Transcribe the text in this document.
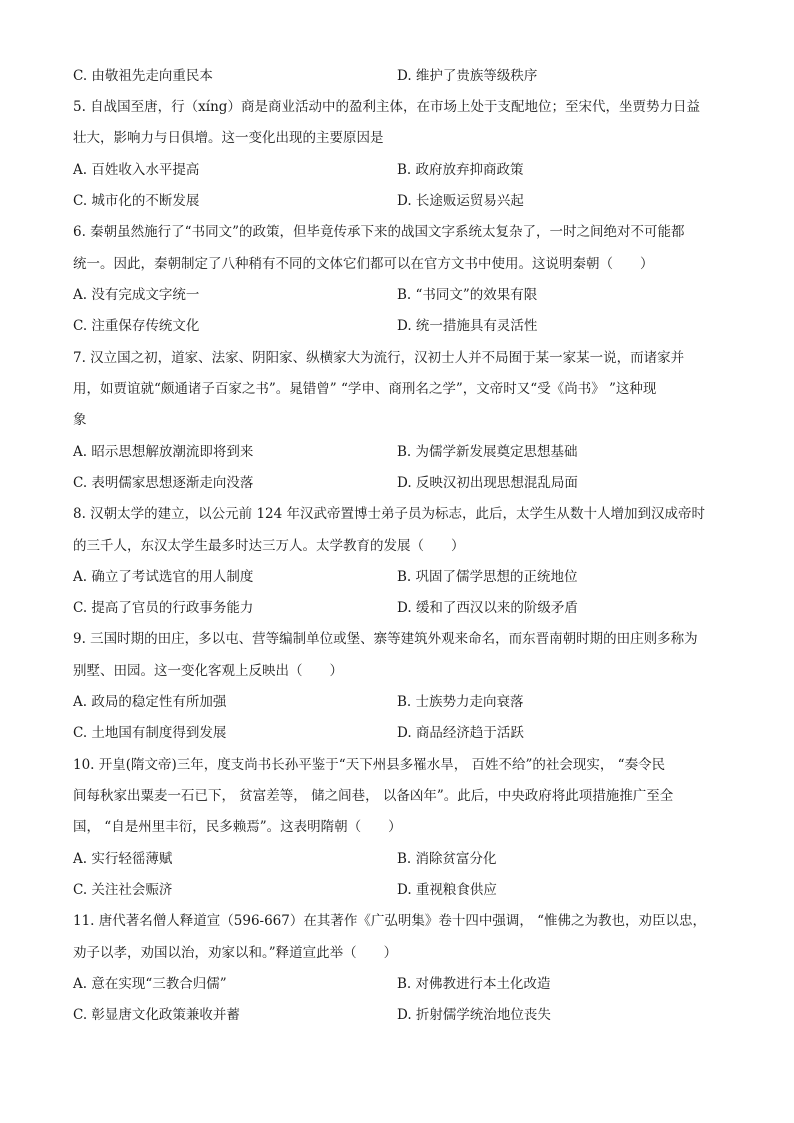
C. 由敬祖先走向重民本	D. 维护了贵族等级秩序
5. 自战国至唐，行（xíng）商是商业活动中的盈利主体，在市场上处于支配地位；至宋代，坐贾势力日益
壮大，影响力与日俱增。这一变化出现的主要原因是
A. 百姓收入水平提高	B. 政府放弃抑商政策
C. 城市化的不断发展	D. 长途贩运贸易兴起
6. 秦朝虽然施行了“书同文”的政策，但毕竟传承下来的战国文字系统太复杂了，一时之间绝对不可能都
统一。因此，秦朝制定了八种稍有不同的文体它们都可以在官方文书中使用。这说明秦朝（　　）
A. 没有完成文字统一	B. “书同文”的效果有限
C. 注重保存传统文化	D. 统一措施具有灵活性
7. 汉立国之初，道家、法家、阴阳家、纵横家大为流行，汉初士人并不局囿于某一家某一说，而诸家并
用，如贾谊就“颇通诸子百家之书”。晁错曾” “学申、商刑名之学”，文帝时又“受《尚书》 ”这种现
象
A. 昭示思想解放潮流即将到来	B. 为儒学新发展奠定思想基础
C. 表明儒家思想逐渐走向没落	D. 反映汉初出现思想混乱局面
8. 汉朝太学的建立，以公元前 124 年汉武帝置博士弟子员为标志，此后，太学生从数十人增加到汉成帝时
的三千人，东汉太学生最多时达三万人。太学教育的发展（　　）
A. 确立了考试选官的用人制度	B. 巩固了儒学思想的正统地位
C. 提高了官员的行政事务能力	D. 缓和了西汉以来的阶级矛盾
9. 三国时期的田庄，多以屯、营等编制单位或堡、寨等建筑外观来命名，而东晋南朝时期的田庄则多称为
别墅、田园。这一变化客观上反映出（　　）
A. 政局的稳定性有所加强	B. 士族势力走向衰落
C. 土地国有制度得到发展	D. 商品经济趋于活跃
10. 开皇(隋文帝)三年，度支尚书长孙平鉴于“天下州县多罹水旱， 百姓不给”的社会现实， “奏令民
间每秋家出粟麦一石已下， 贫富差等， 储之闾巷， 以备凶年”。此后，中央政府将此项措施推广至全
国， “自是州里丰衍，民多赖焉”。这表明隋朝（　　）
A. 实行轻徭薄赋	B. 消除贫富分化
C. 关注社会赈济	D. 重视粮食供应
11. 唐代著名僧人释道宣（596-667）在其著作《广弘明集》卷十四中强调， “惟佛之为教也，劝臣以忠，
劝子以孝，劝国以治，劝家以和。”释道宣此举（　　）
A. 意在实现“三教合归儒”	B. 对佛教进行本土化改造
C. 彰显唐文化政策兼收并蓄	D. 折射儒学统治地位丧失
